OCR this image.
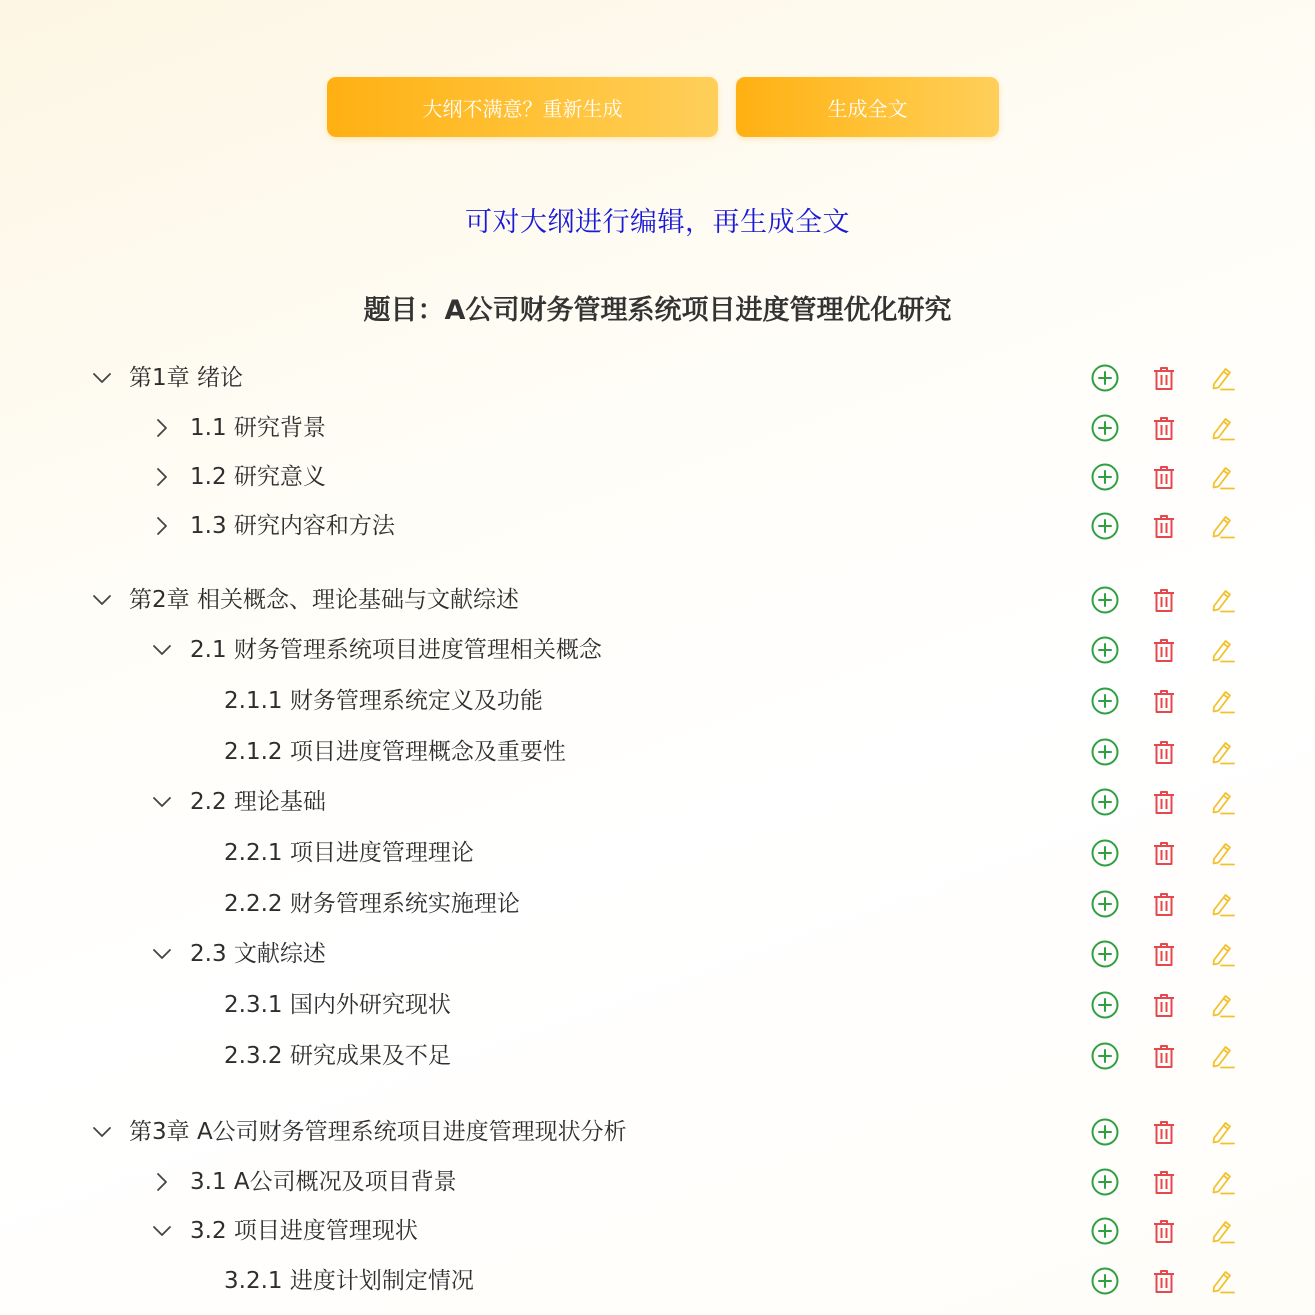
大纲不满意？重新生成	生成全文
可对大纲进行编辑，再生成全文
题目：A公司财务管理系统项目进度管理优化研究
第1章 绪论
1.1 研究背景
1.2 研究意义
1.3 研究内容和方法
第2章 相关概念、理论基础与文献综述
2.1 财务管理系统项目进度管理相关概念
2.1.1 财务管理系统定义及功能
2.1.2 项目进度管理概念及重要性
2.2 理论基础
2.2.1 项目进度管理理论
2.2.2 财务管理系统实施理论
2.3 文献综述
2.3.1 国内外研究现状
2.3.2 研究成果及不足
第3章 A公司财务管理系统项目进度管理现状分析
3.1 A公司概况及项目背景
3.2 项目进度管理现状
3.2.1 进度计划制定情况
